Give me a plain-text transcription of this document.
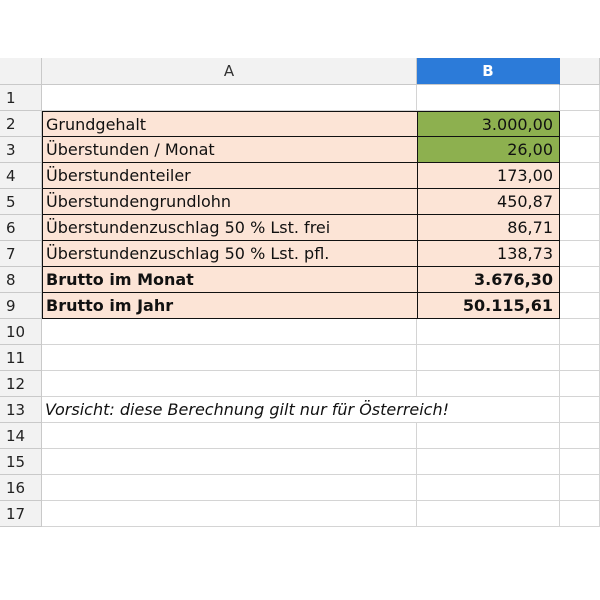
A	B
1
2	Grundgehalt	3.000,00
3	Überstunden / Monat	26,00
4	Überstundenteiler	173,00
5	Überstundengrundlohn	450,87
6	Überstundenzuschlag 50 % Lst. frei	86,71
7	Überstundenzuschlag 50 % Lst. pfl.	138,73
8	Brutto im Monat	3.676,30
9	Brutto im Jahr	50.115,61
10
11
12
13	Vorsicht: diese Berechnung gilt nur für Österreich!
14
15
16
17
